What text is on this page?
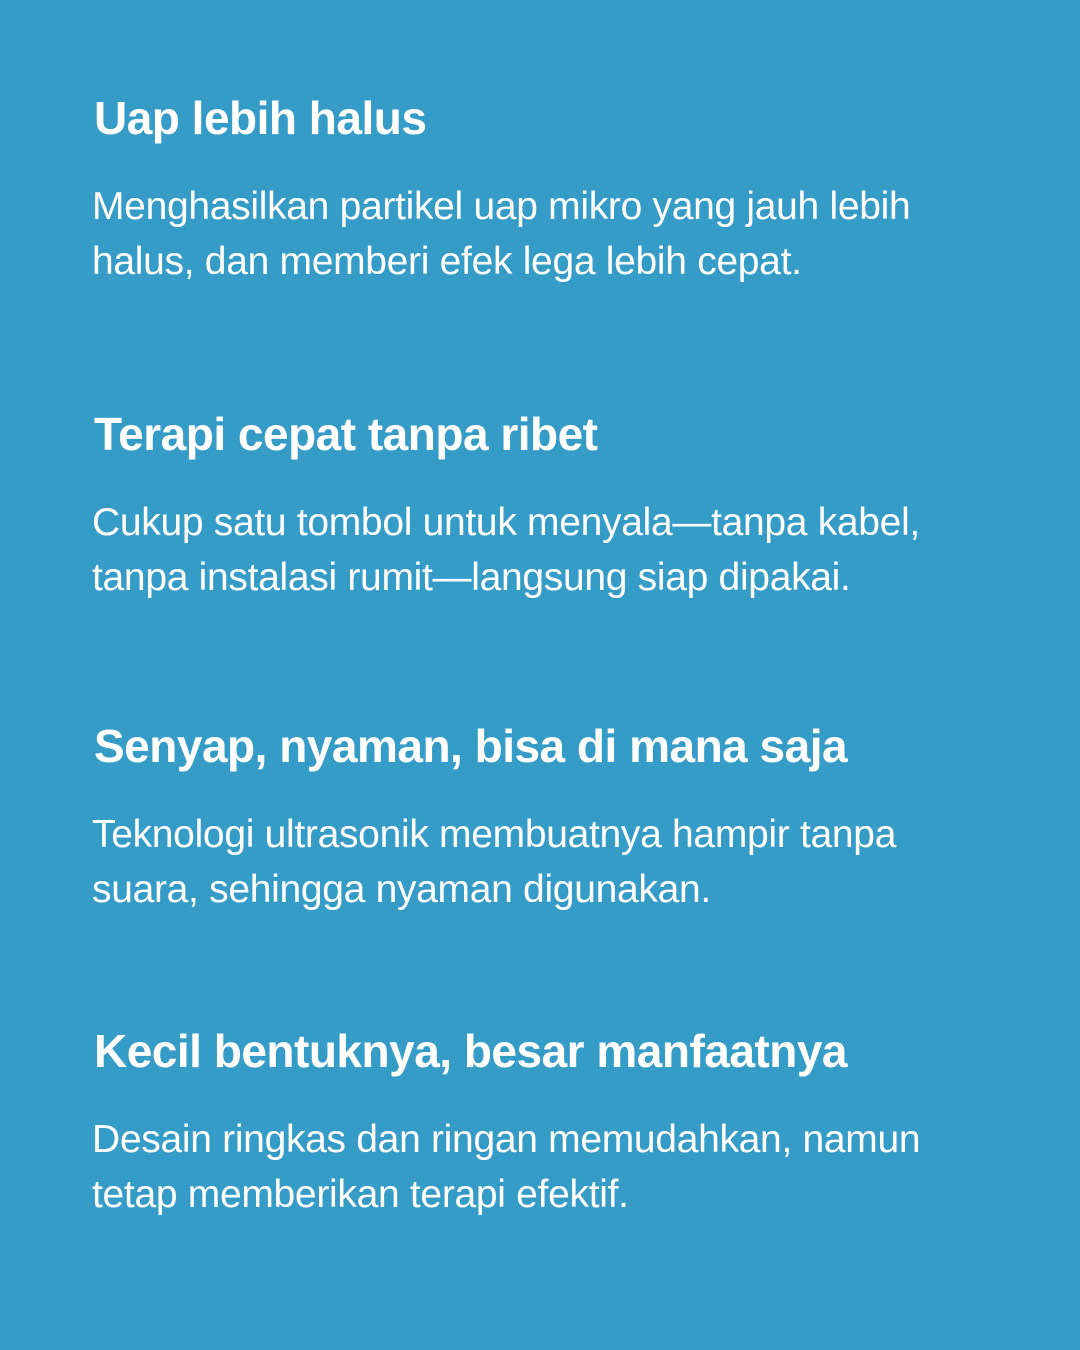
Uap lebih halus

Menghasilkan partikel uap mikro yang jauh lebih halus, dan memberi efek lega lebih cepat.

Terapi cepat tanpa ribet

Cukup satu tombol untuk menyala—tanpa kabel, tanpa instalasi rumit—langsung siap dipakai.

Senyap, nyaman, bisa di mana saja

Teknologi ultrasonik membuatnya hampir tanpa suara, sehingga nyaman digunakan.

Kecil bentuknya, besar manfaatnya

Desain ringkas dan ringan memudahkan, namun tetap memberikan terapi efektif.
